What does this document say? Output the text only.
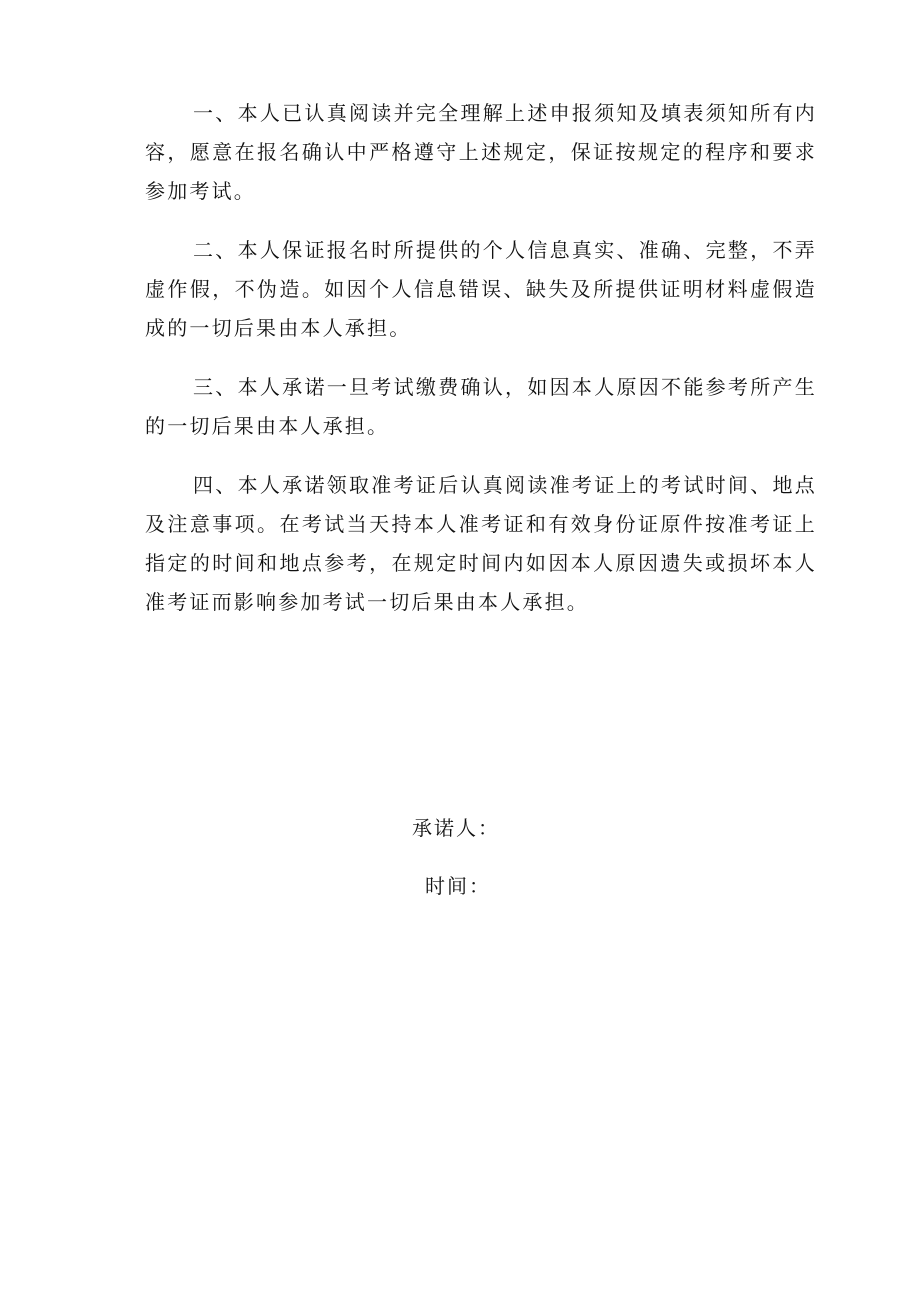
一、本人已认真阅读并完全理解上述申报须知及填表须知所有内容，愿意在报名确认中严格遵守上述规定，保证按规定的程序和要求参加考试。

二、本人保证报名时所提供的个人信息真实、准确、完整，不弄虚作假，不伪造。如因个人信息错误、缺失及所提供证明材料虚假造成的一切后果由本人承担。

三、本人承诺一旦考试缴费确认，如因本人原因不能参考所产生的一切后果由本人承担。

四、本人承诺领取准考证后认真阅读准考证上的考试时间、地点及注意事项。在考试当天持本人准考证和有效身份证原件按准考证上指定的时间和地点参考，在规定时间内如因本人原因遗失或损坏本人准考证而影响参加考试一切后果由本人承担。

承诺人：
时间：
